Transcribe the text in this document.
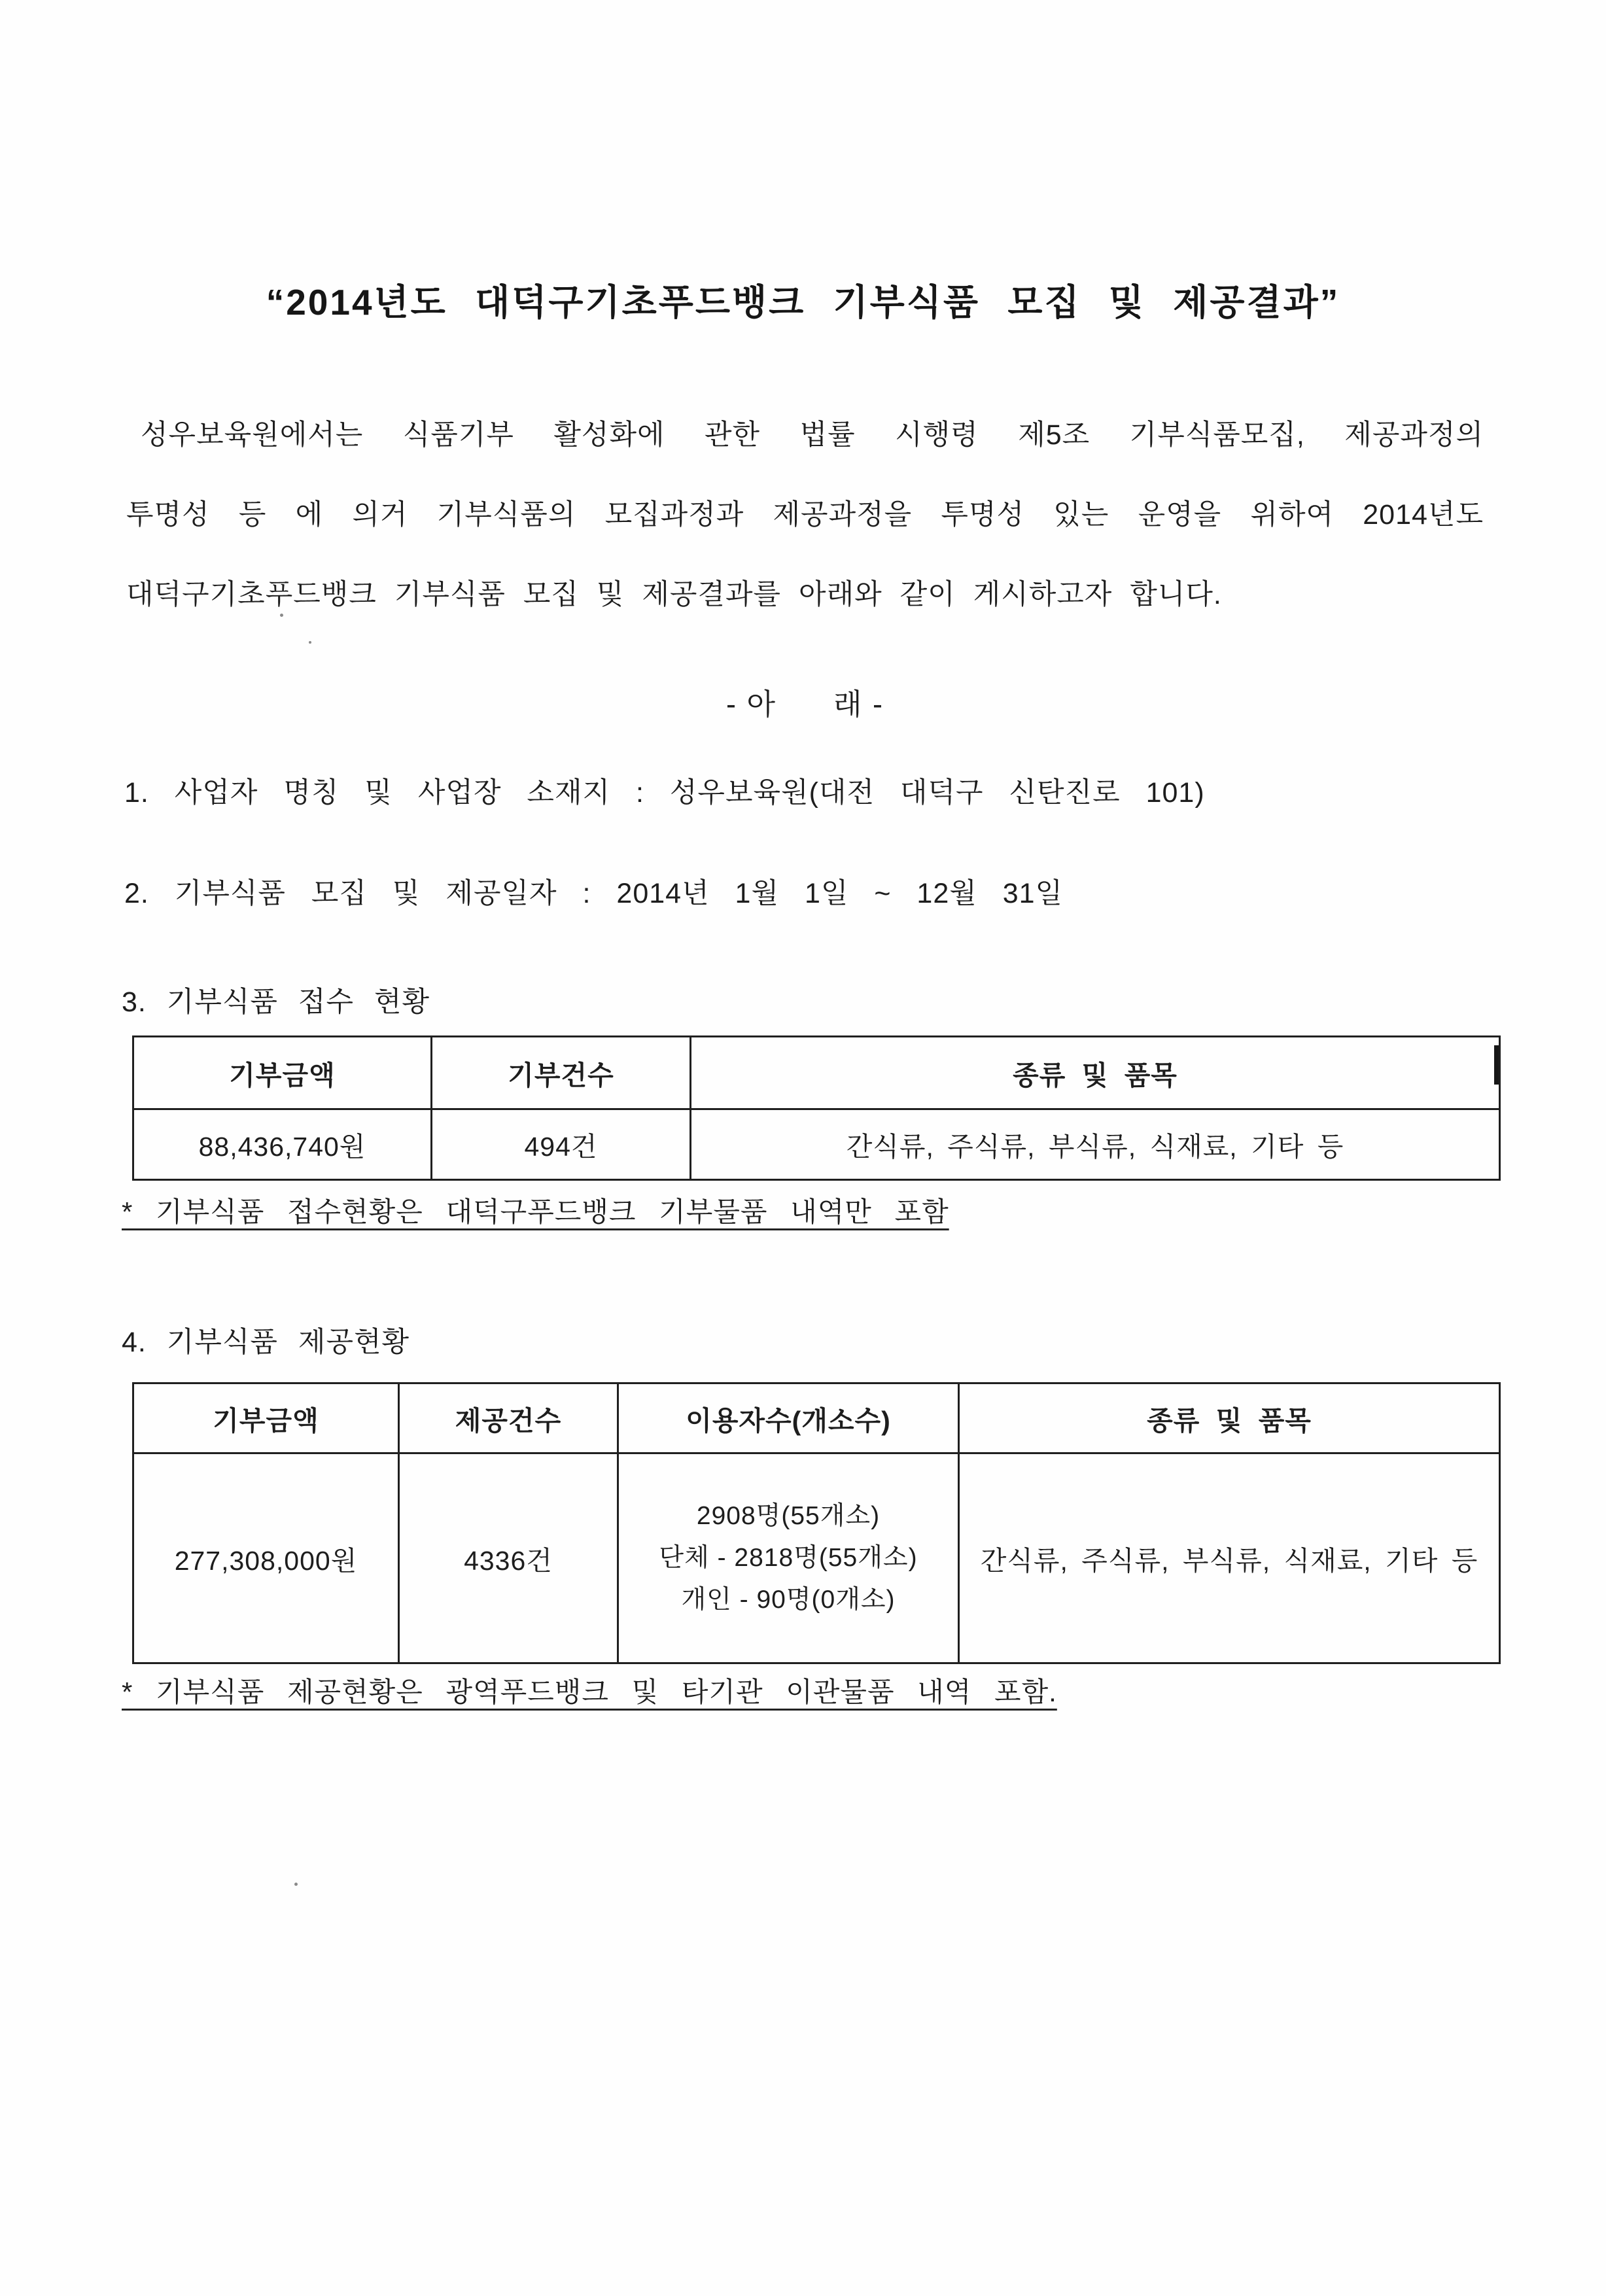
“2014년도 대덕구기초푸드뱅크 기부식품 모집 및 제공결과”
성우보육원에서는 식품기부 활성화에 관한 법률 시행령 제5조 기부식품모집, 제공과정의
투명성 등 에 의거 기부식품의 모집과정과 제공과정을 투명성 있는 운영을 위하여 2014년도
대덕구기초푸드뱅크 기부식품 모집 및 제공결과를 아래와 같이 게시하고자 합니다.
- 아      래 -
1. 사업자 명칭 및 사업장 소재지 : 성우보육원(대전 대덕구 신탄진로 101)
2. 기부식품 모집 및 제공일자 : 2014년 1월 1일 ~ 12월 31일
3. 기부식품 접수 현황
기부금액	기부건수	종류 및 품목
88,436,740원	494건	간식류, 주식류, 부식류, 식재료, 기타 등
* 기부식품 접수현황은 대덕구푸드뱅크 기부물품 내역만 포함
4. 기부식품 제공현황
기부금액	제공건수	이용자수(개소수)	종류 및 품목
277,308,000원	4336건	2908명(55개소)
단체 - 2818명(55개소)
개인 - 90명(0개소)	간식류, 주식류, 부식류, 식재료, 기타 등
* 기부식품 제공현황은 광역푸드뱅크 및 타기관 이관물품 내역 포함.
